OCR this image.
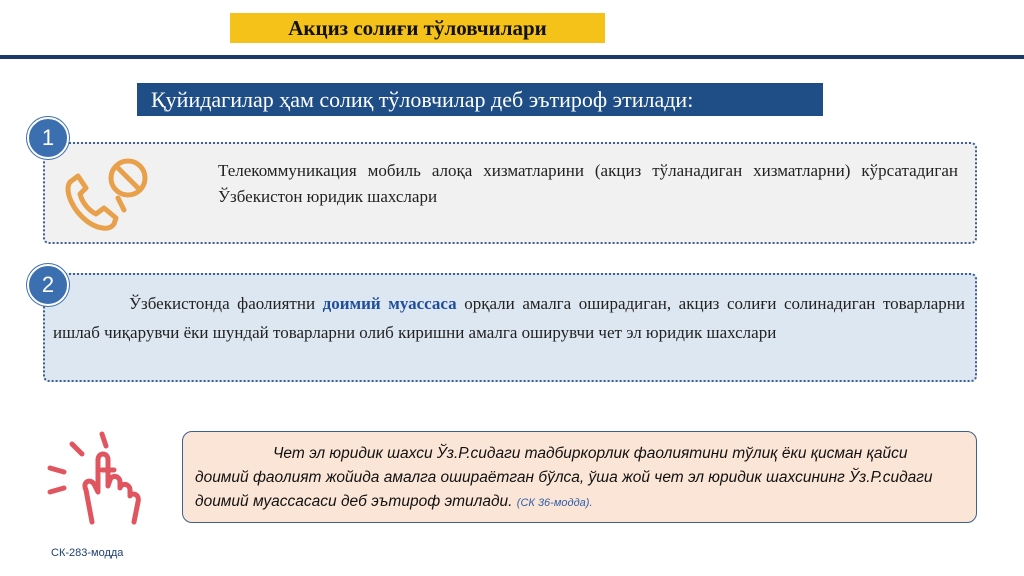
Акциз солиғи тўловчилари
Қуйидагилар ҳам солиқ тўловчилар деб эътироф этилади:
1
Телекоммуникация мобиль алоқа хизматларини (акциз тўланадиган хизматларни) кўрсатадиган Ўзбекистон юридик шахслари
2
Ўзбекистонда фаолиятни доимий муассаса орқали амалга оширадиган, акциз солиғи солинадиган товарларни ишлаб чиқарувчи ёки шундай товарларни олиб киришни амалга оширувчи чет эл юридик шахслари
Чет эл юридик шахси Ўз.Р.сидаги тадбиркорлик фаолиятини тўлиқ ёки қисман қайси доимий фаолият жойида амалга ошираётган бўлса, ўша жой чет эл юридик шахсининг Ўз.Р.сидаги доимий муассасаси деб эътироф этилади. (СК 36-модда).
СК-283-модда
